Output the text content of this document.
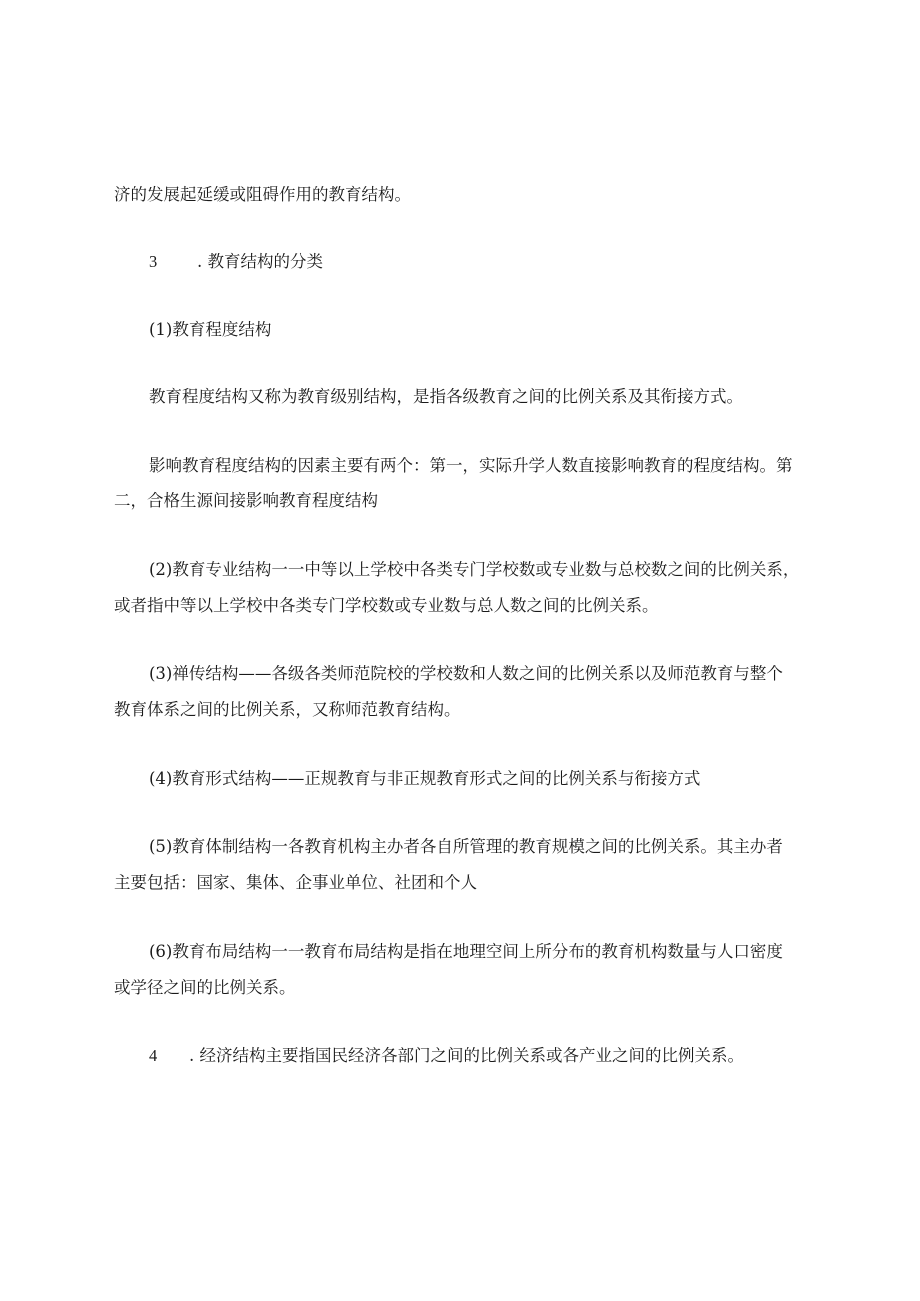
济的发展起延缓或阻碍作用的教育结构。
3 . 教育结构的分类
(1)教育程度结构
教育程度结构又称为教育级别结构，是指各级教育之间的比例关系及其衔接方式。
影响教育程度结构的因素主要有两个：第一，实际升学人数直接影响教育的程度结构。第
二，合格生源间接影响教育程度结构
(2)教育专业结构一一中等以上学校中各类专门学校数或专业数与总校数之间的比例关系，
或者指中等以上学校中各类专门学校数或专业数与总人数之间的比例关系。
(3)禅传结构——各级各类师范院校的学校数和人数之间的比例关系以及师范教育与整个
教育体系之间的比例关系，又称师范教育结构。
(4)教育形式结构——正规教育与非正规教育形式之间的比例关系与衔接方式
(5)教育体制结构一各教育机构主办者各自所管理的教育规模之间的比例关系。其主办者
主要包括：国家、集体、企事业单位、社团和个人
(6)教育布局结构一一教育布局结构是指在地理空间上所分布的教育机构数量与人口密度
或学径之间的比例关系。
4 . 经济结构主要指国民经济各部门之间的比例关系或各产业之间的比例关系。
